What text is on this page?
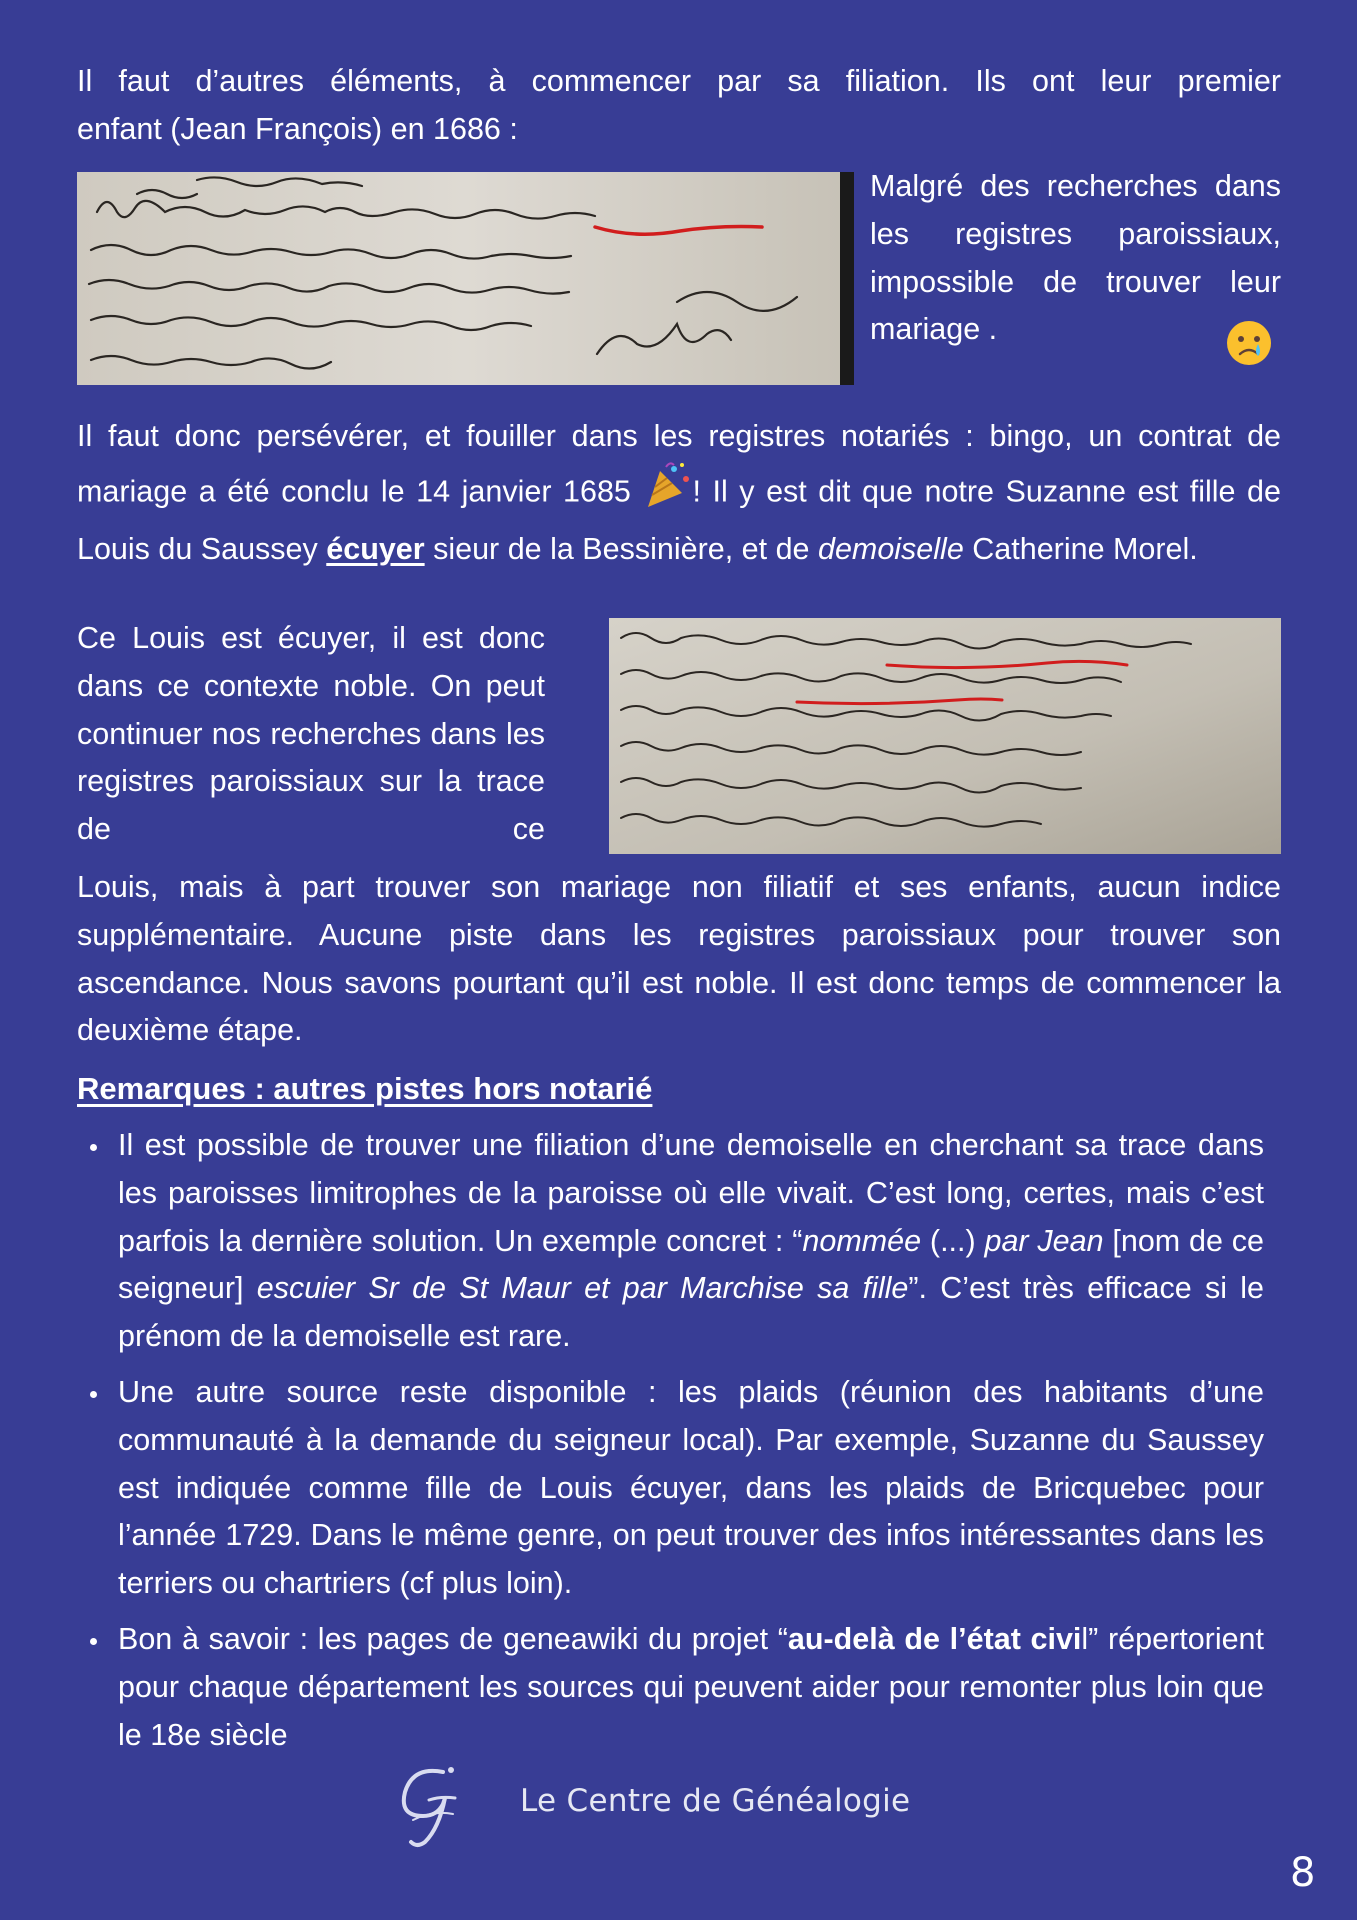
Il faut d’autres éléments, à commencer par sa filiation. Ils ont leur premier

enfant (Jean François) en 1686 :

Malgré des recherches dans les registres paroissiaux, impossible de trouver leur mariage .

Il faut donc persévérer, et fouiller dans les registres notariés : bingo, un contrat de mariage a été conclu le 14 janvier 1685 ! Il y est dit que notre Suzanne est fille de Louis du Saussey écuyer sieur de la Bessinière, et de demoiselle Catherine Morel.

Ce Louis est écuyer, il est donc dans ce contexte noble. On peut continuer nos recherches dans les registres paroissiaux sur la trace de ce

Louis, mais à part trouver son mariage non filiatif et ses enfants, aucun indice supplémentaire. Aucune piste dans les registres paroissiaux pour trouver son ascendance. Nous savons pourtant qu’il est noble. Il est donc temps de commencer la deuxième étape.

Remarques : autres pistes hors notarié

Il est possible de trouver une filiation d’une demoiselle en cherchant sa trace dans les paroisses limitrophes de la paroisse où elle vivait. C’est long, certes, mais c’est parfois la dernière solution. Un exemple concret : “nommée (...) par Jean [nom de ce seigneur] escuier Sr de St Maur et par Marchise sa fille”. C’est très efficace si le prénom de la demoiselle est rare.
Une autre source reste disponible : les plaids (réunion des habitants d’une communauté à la demande du seigneur local). Par exemple, Suzanne du Saussey est indiquée comme fille de Louis écuyer, dans les plaids de Bricquebec pour l’année 1729. Dans le même genre, on peut trouver des infos intéressantes dans les terriers ou chartriers (cf plus loin).
Bon à savoir : les pages de geneawiki du projet “au-delà de l’état civil” répertorient pour chaque département les sources qui peuvent aider pour remonter plus loin que le 18e siècle
Le Centre de Généalogie
8
